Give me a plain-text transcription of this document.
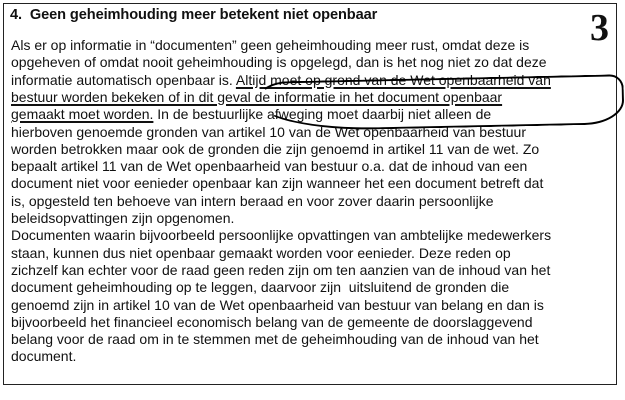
4.  Geen geheimhouding meer betekent niet openbaar	3
Als er op informatie in “documenten” geen geheimhouding meer rust, omdat deze is
opgeheven of omdat nooit geheimhouding is opgelegd, dan is het nog niet zo dat deze
informatie automatisch openbaar is. Altijd moet op grond van de Wet openbaarheid van
bestuur worden bekeken of in dit geval de informatie in het document openbaar
gemaakt moet worden. In de bestuurlijke afweging moet daarbij niet alleen de
hierboven genoemde gronden van artikel 10 van de Wet openbaarheid van bestuur
worden betrokken maar ook de gronden die zijn genoemd in artikel 11 van de wet. Zo
bepaalt artikel 11 van de Wet openbaarheid van bestuur o.a. dat de inhoud van een
document niet voor eenieder openbaar kan zijn wanneer het een document betreft dat
is, opgesteld ten behoeve van intern beraad en voor zover daarin persoonlijke
beleidsopvattingen zijn opgenomen.
Documenten waarin bijvoorbeeld persoonlijke opvattingen van ambtelijke medewerkers
staan, kunnen dus niet openbaar gemaakt worden voor eenieder. Deze reden op
zichzelf kan echter voor de raad geen reden zijn om ten aanzien van de inhoud van het
document geheimhouding op te leggen, daarvoor zijn  uitsluitend de gronden die
genoemd zijn in artikel 10 van de Wet openbaarheid van bestuur van belang en dan is
bijvoorbeeld het financieel economisch belang van de gemeente de doorslaggevend
belang voor de raad om in te stemmen met de geheimhouding van de inhoud van het
document.
